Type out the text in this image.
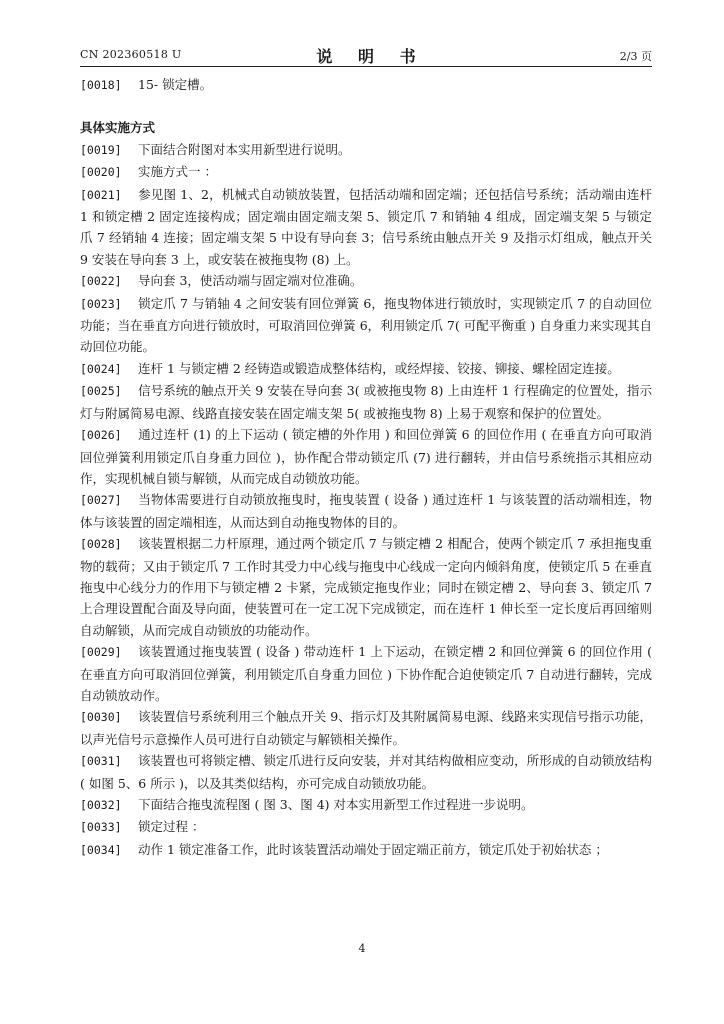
CN 202360518 U	说 明 书	2/3 页
[0018] 15- 锁定槽。
具体实施方式
[0019] 下面结合附图对本实用新型进行说明。
[0020] 实施方式一 ：
[0021] 参见图 1、2，机械式自动锁放装置，包括活动端和固定端；还包括信号系统；活动端由连杆 1 和锁定槽 2 固定连接构成；固定端由固定端支架 5、锁定爪 7 和销轴 4 组成，固定端支架 5 与锁定爪 7 经销轴 4 连接；固定端支架 5 中设有导向套 3；信号系统由触点开关 9 及指示灯组成，触点开关 9 安装在导向套 3 上，或安装在被拖曳物 (8) 上。
[0022] 导向套 3，使活动端与固定端对位准确。
[0023] 锁定爪 7 与销轴 4 之间安装有回位弹簧 6，拖曳物体进行锁放时，实现锁定爪 7 的自动回位功能；当在垂直方向进行锁放时，可取消回位弹簧 6，利用锁定爪 7( 可配平衡重 ) 自身重力来实现其自动回位功能。
[0024] 连杆 1 与锁定槽 2 经铸造或锻造成整体结构，或经焊接、铰接、铆接、螺栓固定连接。
[0025] 信号系统的触点开关 9 安装在导向套 3( 或被拖曳物 8) 上由连杆 1 行程确定的位置处，指示灯与附属简易电源、线路直接安装在固定端支架 5( 或被拖曳物 8) 上易于观察和保护的位置处。
[0026] 通过连杆 (1) 的上下运动 ( 锁定槽的外作用 ) 和回位弹簧 6 的回位作用 ( 在垂直方向可取消回位弹簧利用锁定爪自身重力回位 )，协作配合带动锁定爪 (7) 进行翻转，并由信号系统指示其相应动作，实现机械自锁与解锁，从而完成自动锁放功能。
[0027] 当物体需要进行自动锁放拖曳时，拖曳装置 ( 设备 ) 通过连杆 1 与该装置的活动端相连，物体与该装置的固定端相连，从而达到自动拖曳物体的目的。
[0028] 该装置根据二力杆原理，通过两个锁定爪 7 与锁定槽 2 相配合，使两个锁定爪 7 承担拖曳重物的载荷；又由于锁定爪 7 工作时其受力中心线与拖曳中心线成一定向内倾斜角度，使锁定爪 5 在垂直拖曳中心线分力的作用下与锁定槽 2 卡紧，完成锁定拖曳作业；同时在锁定槽 2、导向套 3、锁定爪 7 上合理设置配合面及导向面，使装置可在一定工况下完成锁定，而在连杆 1 伸长至一定长度后再回缩则自动解锁，从而完成自动锁放的功能动作。
[0029] 该装置通过拖曳装置 ( 设备 ) 带动连杆 1 上下运动，在锁定槽 2 和回位弹簧 6 的回位作用 ( 在垂直方向可取消回位弹簧，利用锁定爪自身重力回位 ) 下协作配合迫使锁定爪 7 自动进行翻转，完成自动锁放动作。
[0030] 该装置信号系统利用三个触点开关 9、指示灯及其附属简易电源、线路来实现信号指示功能，以声光信号示意操作人员可进行自动锁定与解锁相关操作。
[0031] 该装置也可将锁定槽、锁定爪进行反向安装，并对其结构做相应变动，所形成的自动锁放结构 ( 如图 5、6 所示 )，以及其类似结构，亦可完成自动锁放功能。
[0032] 下面结合拖曳流程图 ( 图 3、图 4) 对本实用新型工作过程进一步说明。
[0033] 锁定过程 ：
[0034] 动作 1 锁定准备工作，此时该装置活动端处于固定端正前方，锁定爪处于初始状态 ；
4
